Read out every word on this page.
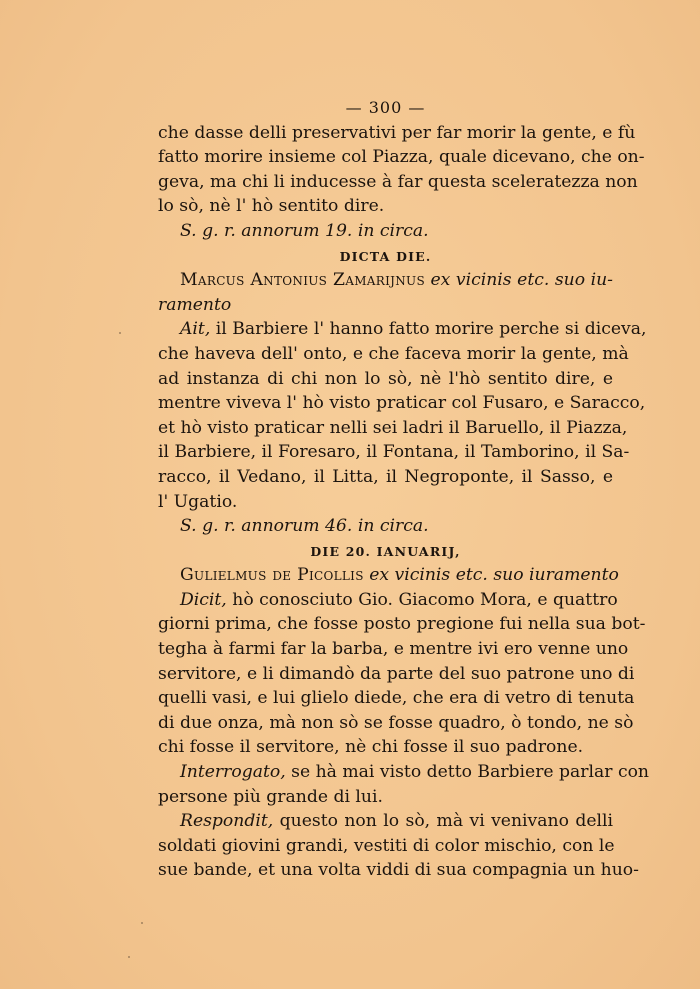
— 300 —
che dasse delli preservativi per far morir la gente, e fù
fatto morire insieme col Piazza, quale dicevano, che on-
geva, ma chi li inducesse à far questa sceleratezza non
lo sò, nè l' hò sentito dire.
S. g. r. annorum 19. in circa.
DICTA DIE.
Marcus Antonius Zamarijnus ex vicinis etc. suo iu-
ramento
Ait, il Barbiere l' hanno fatto morire perche si diceva,
che haveva dell' onto, e che faceva morir la gente, mà
ad instanza di chi non lo sò, nè l'hò sentito dire, e
mentre viveva l' hò visto praticar col Fusaro, e Saracco,
et hò visto praticar nelli sei ladri il Baruello, il Piazza,
il Barbiere, il Foresaro, il Fontana, il Tamborino, il Sa-
racco, il Vedano, il Litta, il Negroponte, il Sasso, e
l' Ugatio.
S. g. r. annorum 46. in circa.
DIE 20. IANUARIJ,
Gulielmus de Picollis ex vicinis etc. suo iuramento
Dicit, hò conosciuto Gio. Giacomo Mora, e quattro
giorni prima, che fosse posto pregione fui nella sua bot-
tegha à farmi far la barba, e mentre ivi ero venne uno
servitore, e li dimandò da parte del suo patrone uno di
quelli vasi, e lui glielo diede, che era di vetro di tenuta
di due onza, mà non sò se fosse quadro, ò tondo, ne sò
chi fosse il servitore, nè chi fosse il suo padrone.
Interrogato, se hà mai visto detto Barbiere parlar con
persone più grande di lui.
Respondit, questo non lo sò, mà vi venivano delli
soldati giovini grandi, vestiti di color mischio, con le
sue bande, et una volta viddi di sua compagnia un huo-
